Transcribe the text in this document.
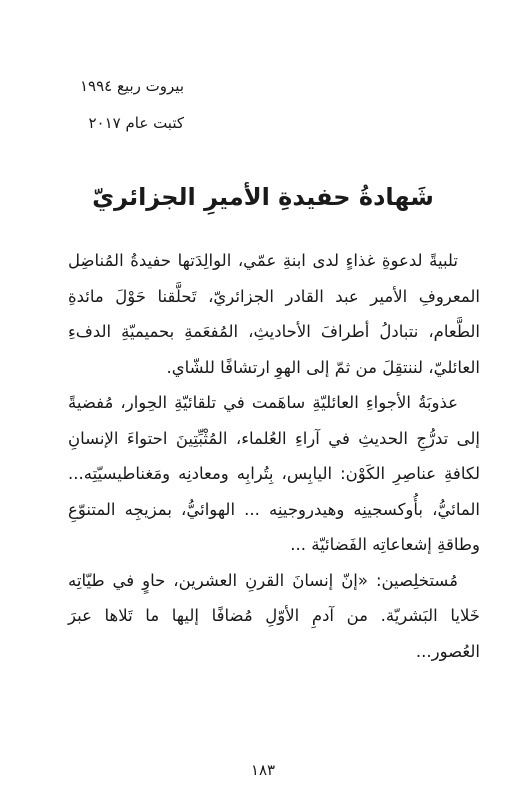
بيروت ربيع ١٩٩٤
كتبت عام ٢٠١٧
شَهادةُ حفيدةِ الأميرِ الجزائريّ

تلبيةً لدعوةِ غذاءٍ لدى ابنةِ عمّي، الوالِدَتها حفيدةُ المُناضِل المعروفِ الأمير عبد القادر الجزائريّ، تَحلَّقنا حَوْلَ مائدةِ الطَّعام، نتبادلُ أطرافَ الأحاديثِ، المُفعَمةِ بحميميّةِ الدفءِ العائليّ، لننتقِلَ من ثمّ إلى الهوِ ارتشافًا للشّاي.

عذوبَةُ الأجواءِ العائليّةِ ساهَمت في تلقائيّةِ الحِوار، مُفضيةً إلى تدرُّجِ الحديثِ في آراءِ العُلماء، المُثْبِّتِينَ احتواءَ الإنسانِ لكافةِ عناصِرِ الكَوْن: اليابِس، بِتُرابِه ومعادنِه ومَغناطيسيّتِه... المائيُّ، بأُوكسجينِه وهيدروجينِه ... الهوائيُّ، بمزيجِه المتنوّعِ وطاقةِ إشعاعاتِه الفَضائيّة ...

مُستخلِصين: «إنّ إنسانَ القرنِ العشرين، حاوٍ في طيّاتِه خَلايا البَشريّة. من آدمِ الأوّلِ مُضافًا إليها ما تَلاها عبرَ العُصور...

١٨٣
